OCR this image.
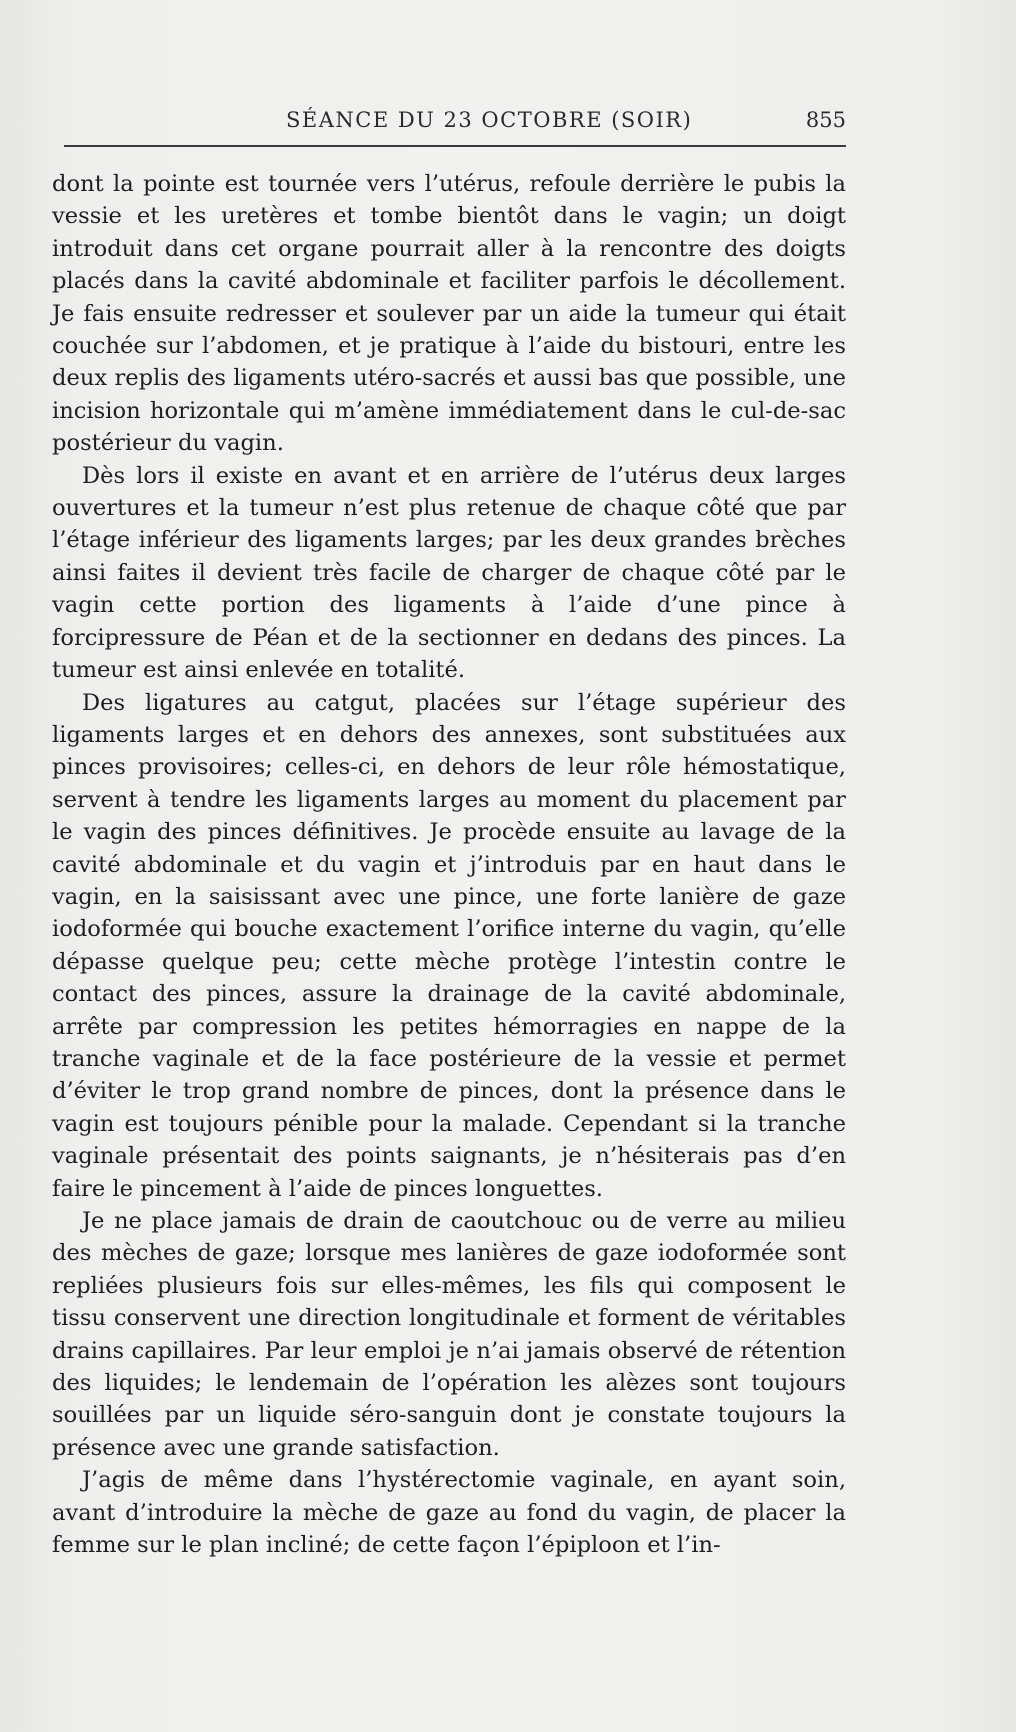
SÉANCE DU 23 OCTOBRE (SOIR)	855

dont la pointe est tournée vers l’utérus, refoule derrière le pubis la vessie et les uretères et tombe bientôt dans le vagin; un doigt introduit dans cet organe pourrait aller à la rencontre des doigts placés dans la cavité abdominale et faciliter parfois le décollement. Je fais ensuite redresser et soulever par un aide la tumeur qui était couchée sur l’abdomen, et je pratique à l’aide du bistouri, entre les deux replis des ligaments utéro-sacrés et aussi bas que possible, une incision horizontale qui m’amène immédiatement dans le cul-de-sac postérieur du vagin.

Dès lors il existe en avant et en arrière de l’utérus deux larges ouvertures et la tumeur n’est plus retenue de chaque côté que par l’étage inférieur des ligaments larges; par les deux grandes brèches ainsi faites il devient très facile de charger de chaque côté par le vagin cette portion des ligaments à l’aide d’une pince à forcipressure de Péan et de la sectionner en dedans des pinces. La tumeur est ainsi enlevée en totalité.

Des ligatures au catgut, placées sur l’étage supérieur des ligaments larges et en dehors des annexes, sont substituées aux pinces provisoires; celles-ci, en dehors de leur rôle hémostatique, servent à tendre les ligaments larges au moment du placement par le vagin des pinces définitives. Je procède ensuite au lavage de la cavité abdominale et du vagin et j’introduis par en haut dans le vagin, en la saisissant avec une pince, une forte lanière de gaze iodoformée qui bouche exactement l’orifice interne du vagin, qu’elle dépasse quelque peu; cette mèche protège l’intestin contre le contact des pinces, assure la drainage de la cavité abdominale, arrête par compression les petites hémorragies en nappe de la tranche vaginale et de la face postérieure de la vessie et permet d’éviter le trop grand nombre de pinces, dont la présence dans le vagin est toujours pénible pour la malade. Cependant si la tranche vaginale présentait des points saignants, je n’hésiterais pas d’en faire le pincement à l’aide de pinces longuettes.

Je ne place jamais de drain de caoutchouc ou de verre au milieu des mèches de gaze; lorsque mes lanières de gaze iodoformée sont repliées plusieurs fois sur elles-mêmes, les fils qui composent le tissu conservent une direction longitudinale et forment de véritables drains capillaires. Par leur emploi je n’ai jamais observé de rétention des liquides; le lendemain de l’opération les alèzes sont toujours souillées par un liquide séro-sanguin dont je constate toujours la présence avec une grande satisfaction.

J’agis de même dans l’hystérectomie vaginale, en ayant soin, avant d’introduire la mèche de gaze au fond du vagin, de placer la femme sur le plan incliné; de cette façon l’épiploon et l’in-
